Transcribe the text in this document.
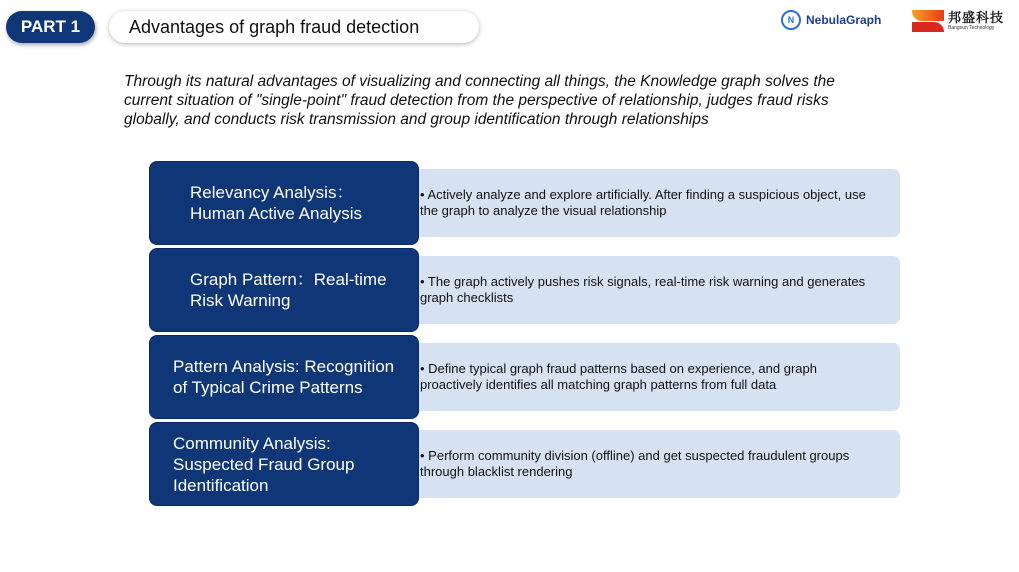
PART 1	Advantages of graph fraud detection	N NebulaGraph	邦盛科技
Bangsun Technology

Through its natural advantages of visualizing and connecting all things, the Knowledge graph solves the current situation of "single-point" fraud detection from the perspective of relationship, judges fraud risks globally, and conducts risk transmission and group identification through relationships

• Actively analyze and explore artificially. After finding a suspicious object, use the graph to analyze the visual relationship
Relevancy Analysis：
Human Active Analysis
• The graph actively pushes risk signals, real-time risk warning and generates graph checklists
Graph Pattern：Real-time Risk Warning
• Define typical graph fraud patterns based on experience, and graph proactively identifies all matching graph patterns from full data
Pattern Analysis: Recognition of Typical Crime Patterns
• Perform community division (offline) and get suspected fraudulent groups through blacklist rendering
Community Analysis:
Suspected Fraud Group Identification
